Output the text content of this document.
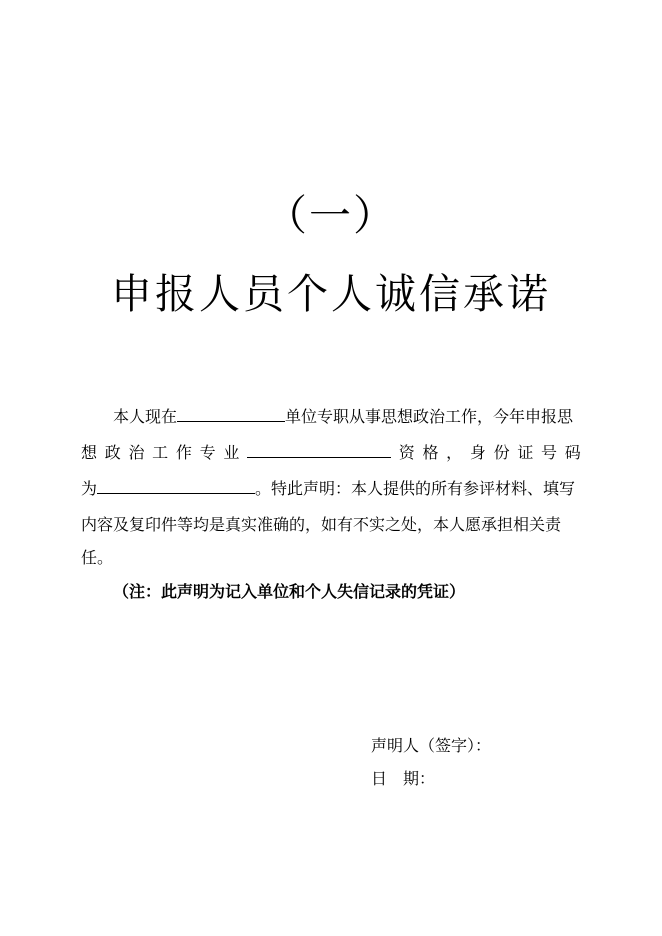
（一）
申报人员个人诚信承诺
本人现在	单位专职从事思想政治工作，今年申报思
想 政 治 工 作 专 业	资 格 ， 身 份 证 号 码
为	。特此声明：本人提供的所有参评材料、填写
内容及复印件等均是真实准确的，如有不实之处，本人愿承担相关责
任。
（注：此声明为记入单位和个人失信记录的凭证）
声明人（签字）：
日　期：
